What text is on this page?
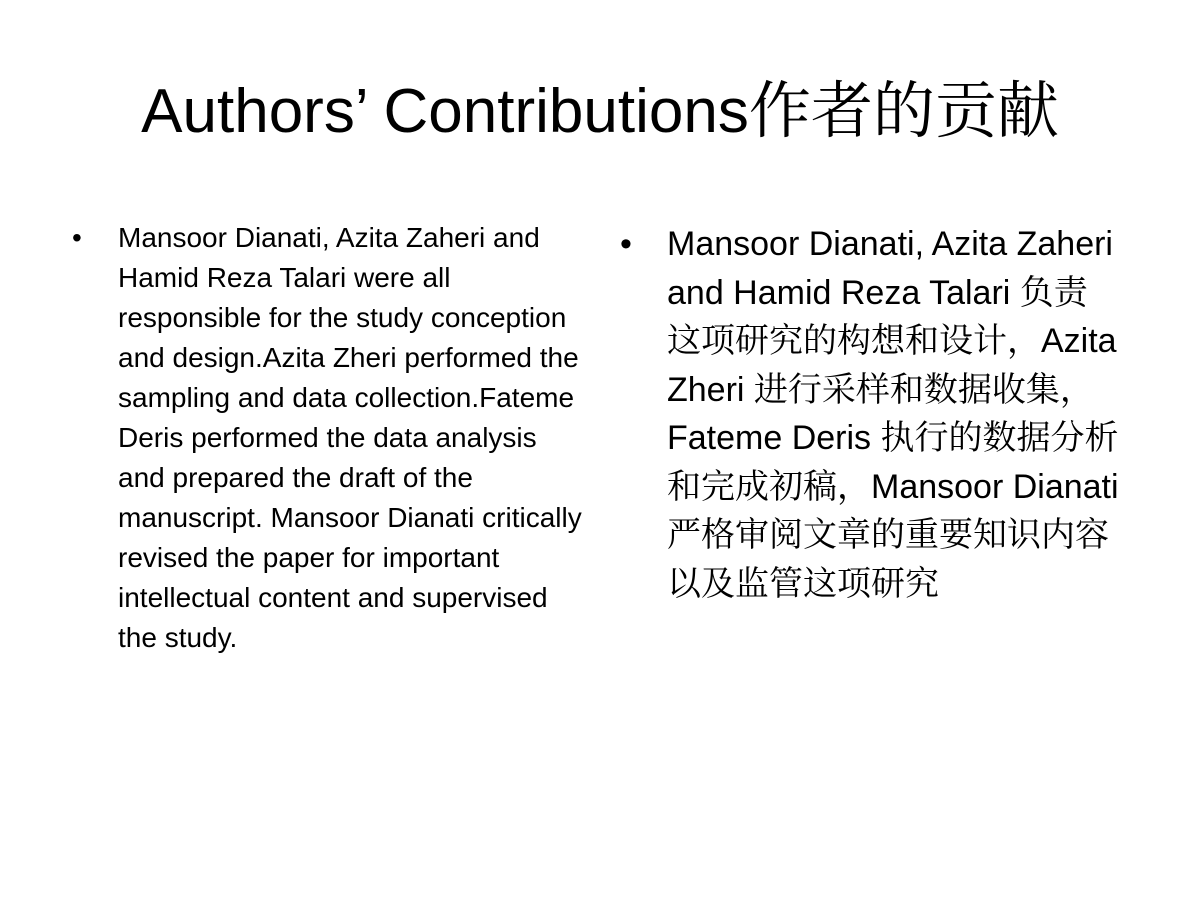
Authors’ Contributions作者的贡献
• Mansoor Dianati, Azita Zaheri and Hamid Reza Talari were all responsible for the study conception and design.Azita Zheri performed the sampling and data collection.Fateme Deris performed the data analysis and prepared the draft of the manuscript. Mansoor Dianati critically revised the paper for important intellectual content and supervised the study.
• Mansoor Dianati, Azita Zaheri and Hamid Reza Talari 负责这项研究的构想和设计，Azita Zheri 进行采样和数据收集，Fateme Deris 执行的数据分析和完成初稿，Mansoor Dianati 严格审阅文章的重要知识内容以及监管这项研究
